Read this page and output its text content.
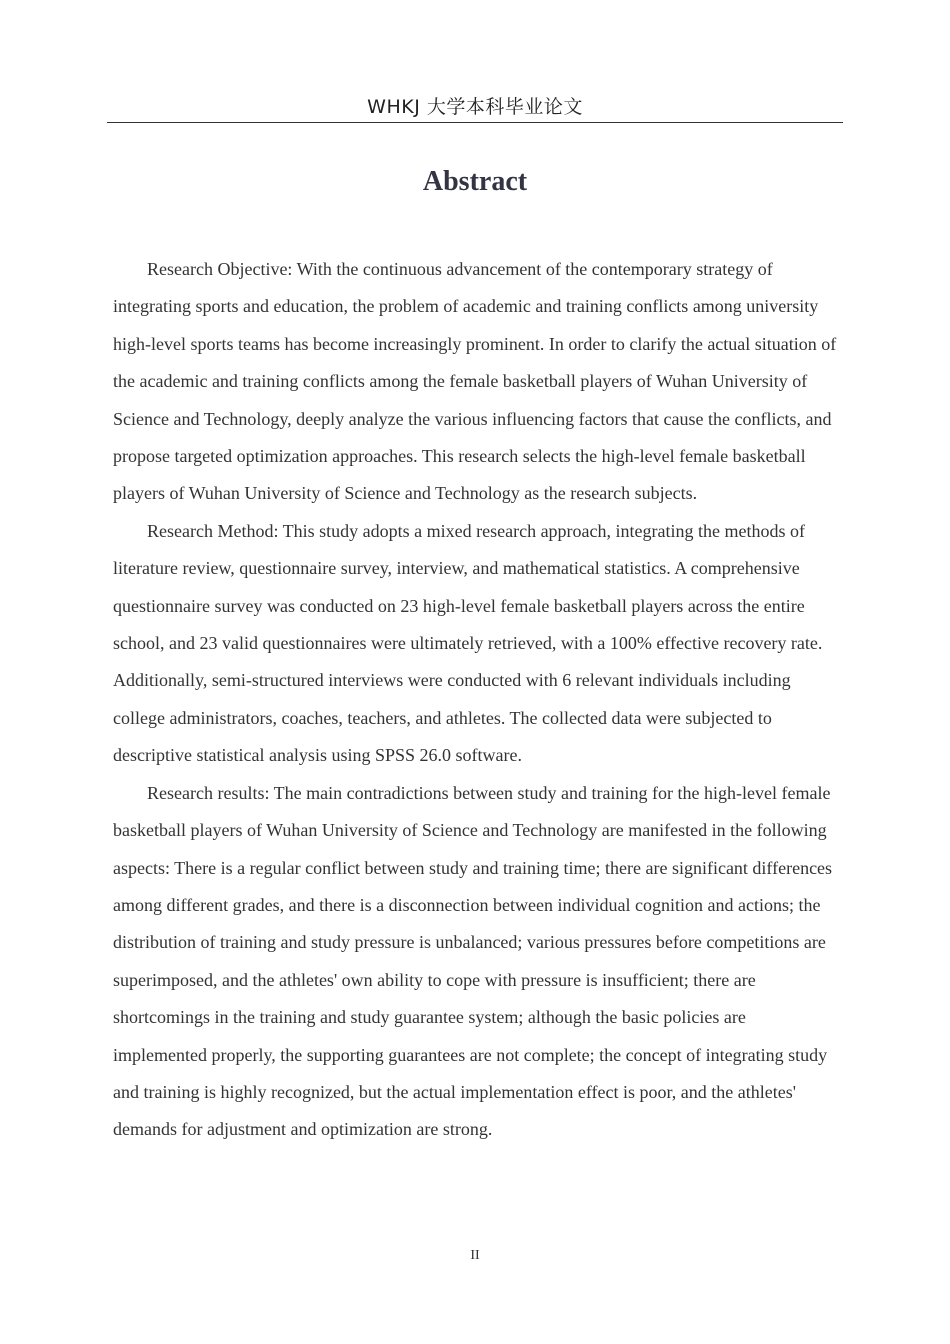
WHKJ 大学本科毕业论文
Abstract

Research Objective: With the continuous advancement of the contemporary strategy of integrating sports and education, the problem of academic and training conflicts among university high-level sports teams has become increasingly prominent. In order to clarify the actual situation of the academic and training conflicts among the female basketball players of Wuhan University of Science and Technology, deeply analyze the various influencing factors that cause the conflicts, and propose targeted optimization approaches. This research selects the high-level female basketball players of Wuhan University of Science and Technology as the research subjects.

Research Method: This study adopts a mixed research approach, integrating the methods of literature review, questionnaire survey, interview, and mathematical statistics. A comprehensive questionnaire survey was conducted on 23 high-level female basketball players across the entire school, and 23 valid questionnaires were ultimately retrieved, with a 100% effective recovery rate. Additionally, semi-structured interviews were conducted with 6 relevant individuals including college administrators, coaches, teachers, and athletes. The collected data were subjected to descriptive statistical analysis using SPSS 26.0 software.

Research results: The main contradictions between study and training for the high-level female basketball players of Wuhan University of Science and Technology are manifested in the following aspects: There is a regular conflict between study and training time; there are significant differences among different grades, and there is a disconnection between individual cognition and actions; the distribution of training and study pressure is unbalanced; various pressures before competitions are superimposed, and the athletes' own ability to cope with pressure is insufficient; there are shortcomings in the training and study guarantee system; although the basic policies are implemented properly, the supporting guarantees are not complete; the concept of integrating study and training is highly recognized, but the actual implementation effect is poor, and the athletes' demands for adjustment and optimization are strong.

II
